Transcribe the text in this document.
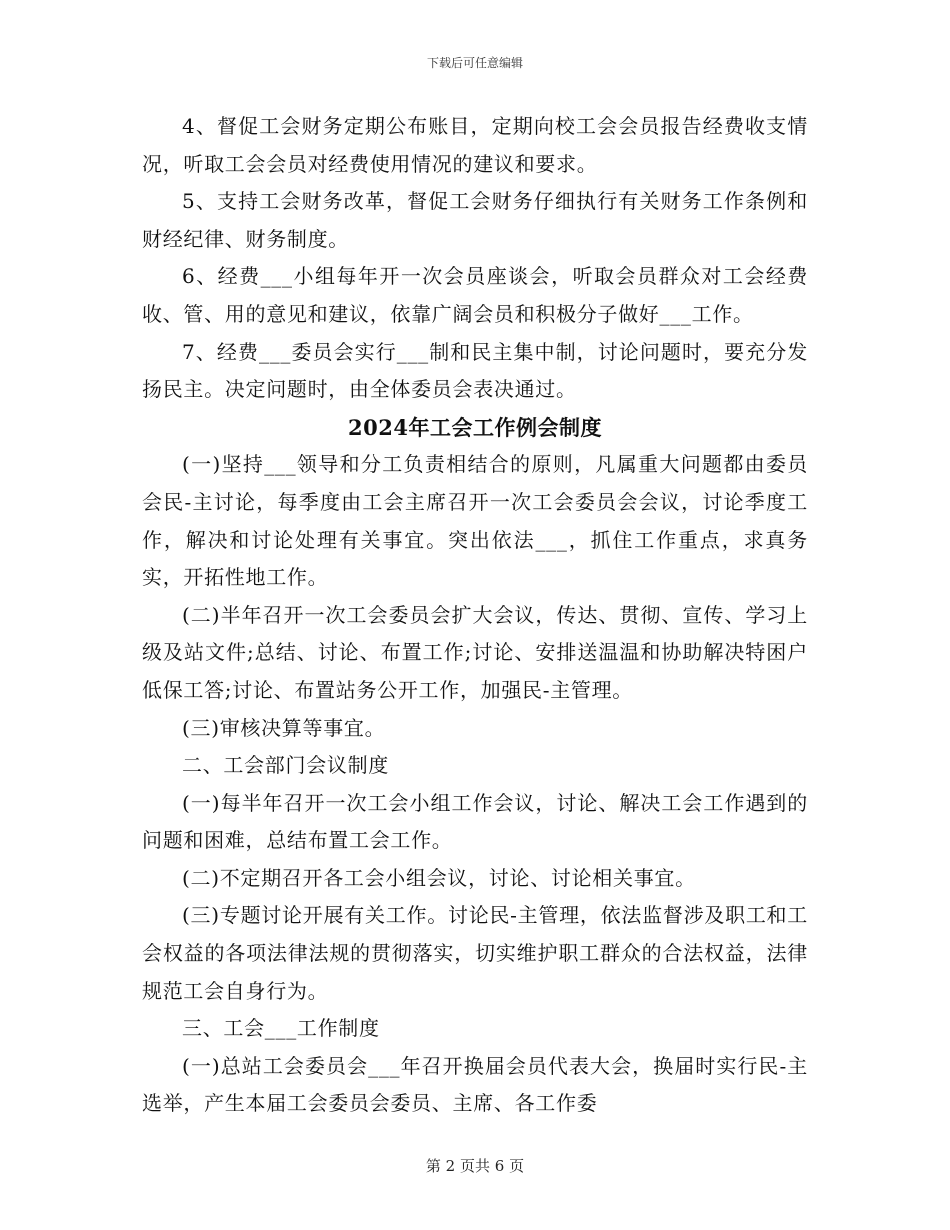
下载后可任意编辑

4、督促工会财务定期公布账目，定期向校工会会员报告经费收支情况，听取工会会员对经费使用情况的建议和要求。

5、支持工会财务改革，督促工会财务仔细执行有关财务工作条例和财经纪律、财务制度。

6、经费___小组每年开一次会员座谈会，听取会员群众对工会经费收、管、用的意见和建议，依靠广阔会员和积极分子做好___工作。

7、经费___委员会实行___制和民主集中制，讨论问题时，要充分发扬民主。决定问题时，由全体委员会表决通过。

2024年工会工作例会制度

(一)坚持___领导和分工负责相结合的原则，凡属重大问题都由委员会民-主讨论，每季度由工会主席召开一次工会委员会会议，讨论季度工作，解决和讨论处理有关事宜。突出依法___，抓住工作重点，求真务实，开拓性地工作。

(二)半年召开一次工会委员会扩大会议，传达、贯彻、宣传、学习上级及站文件;总结、讨论、布置工作;讨论、安排送温温和协助解决特困户低保工答;讨论、布置站务公开工作，加强民-主管理。

(三)审核决算等事宜。

二、工会部门会议制度

(一)每半年召开一次工会小组工作会议，讨论、解决工会工作遇到的问题和困难，总结布置工会工作。

(二)不定期召开各工会小组会议，讨论、讨论相关事宜。

(三)专题讨论开展有关工作。讨论民-主管理，依法监督涉及职工和工会权益的各项法律法规的贯彻落实，切实维护职工群众的合法权益，法律规范工会自身行为。

三、工会___工作制度

(一)总站工会委员会___年召开换届会员代表大会，换届时实行民-主选举，产生本届工会委员会委员、主席、各工作委

第 2 页共 6 页
